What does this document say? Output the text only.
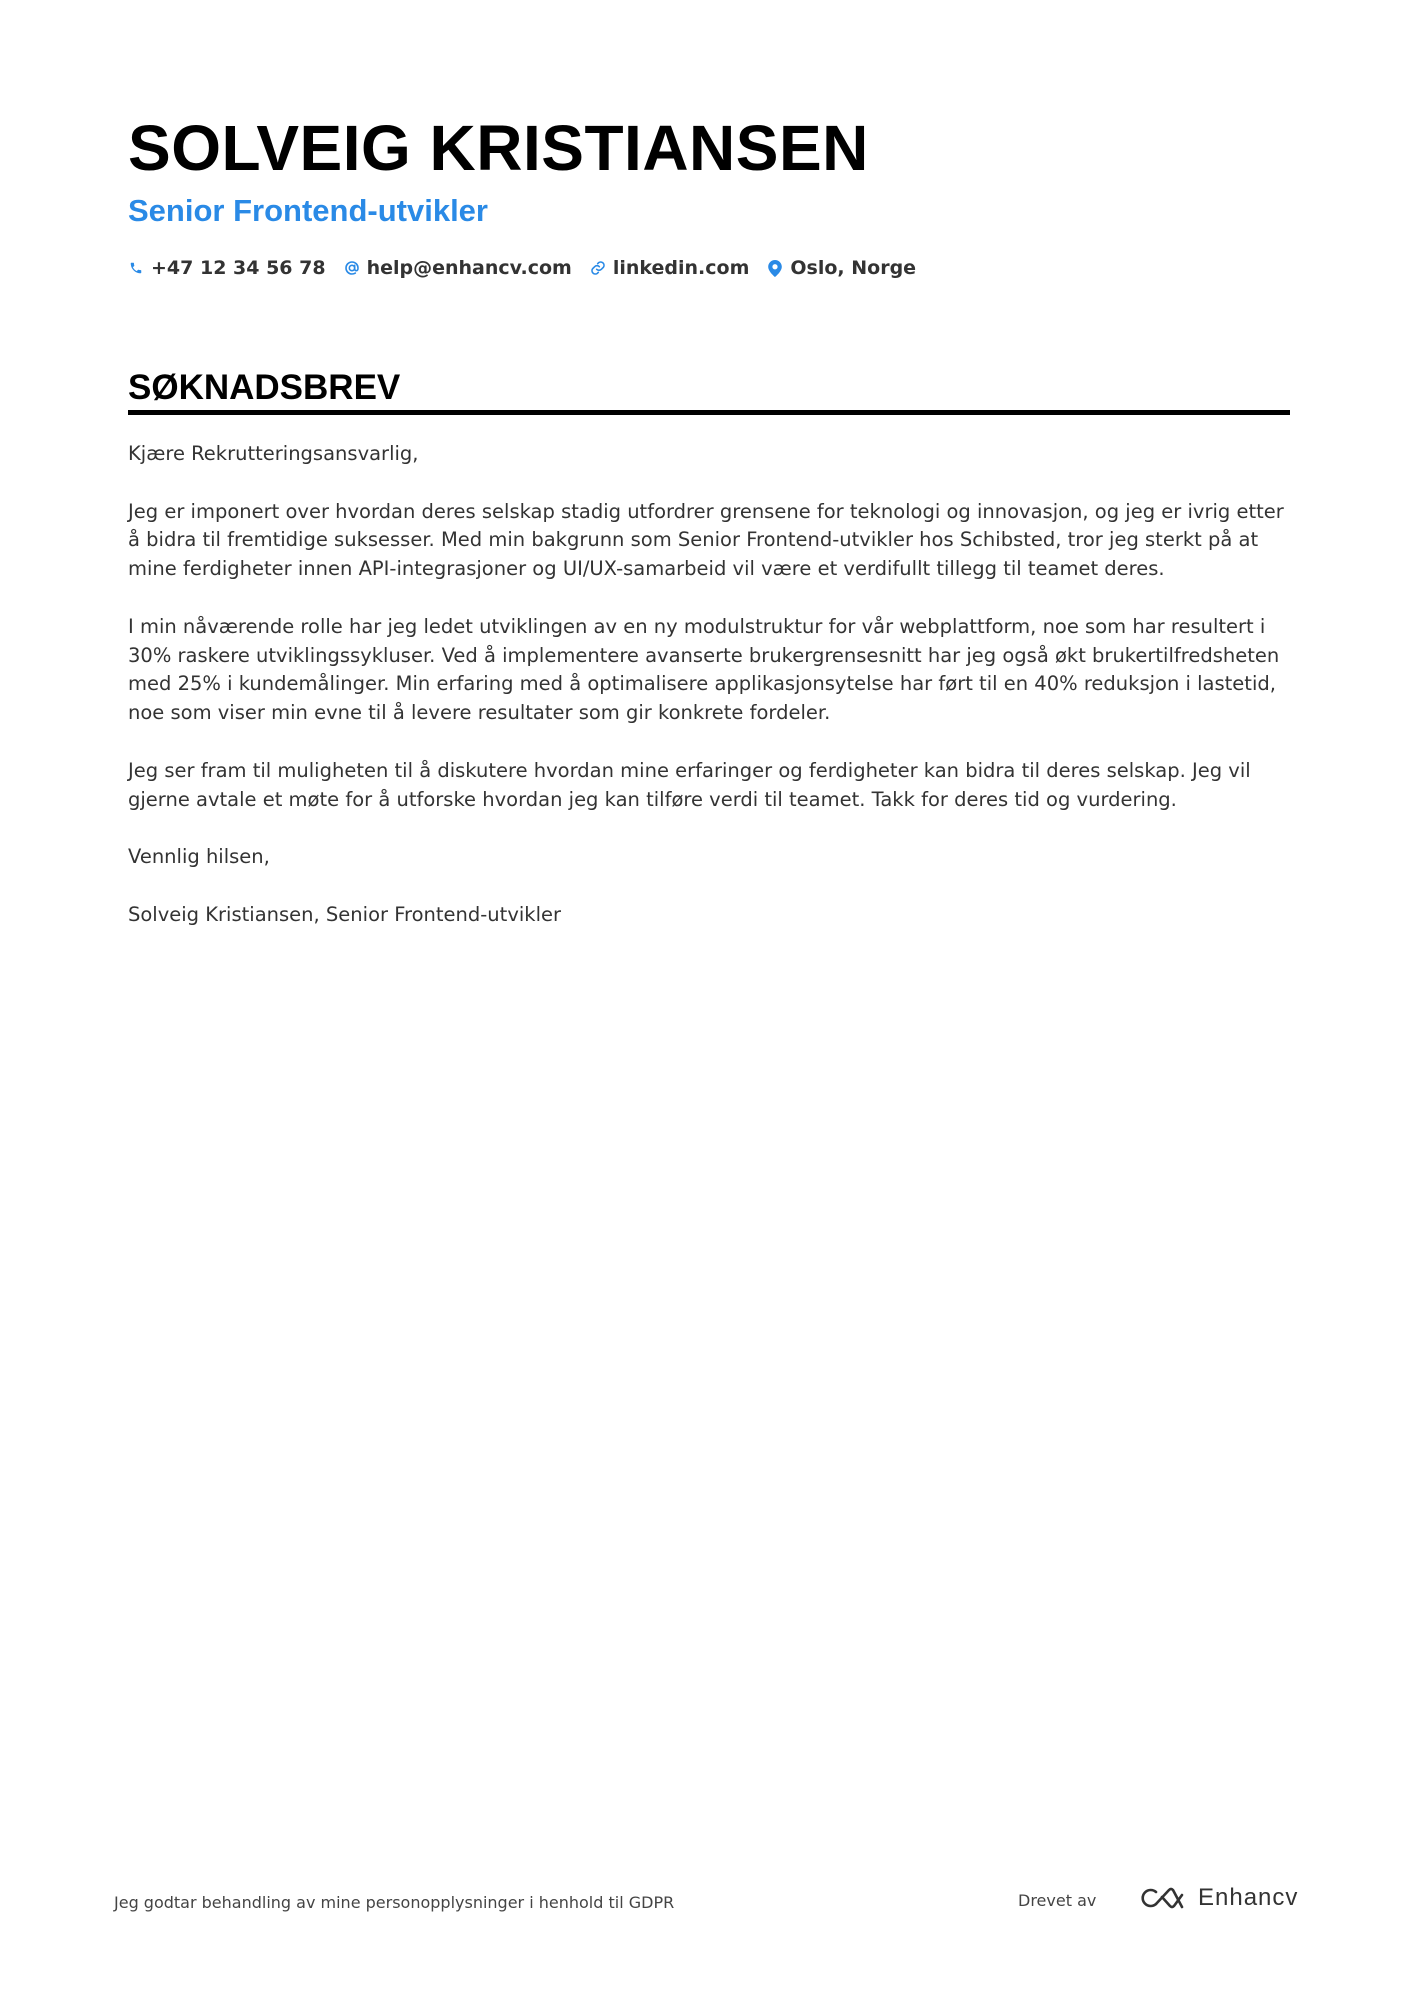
SOLVEIG KRISTIANSEN
Senior Frontend-utvikler
+47 12 34 56 78 help@enhancv.com linkedin.com Oslo, Norge
SØKNADSBREV

Kjære Rekrutteringsansvarlig,

Jeg er imponert over hvordan deres selskap stadig utfordrer grensene for teknologi og innovasjon, og jeg er ivrig etter å bidra til fremtidige suksesser. Med min bakgrunn som Senior Frontend-utvikler hos Schibsted, tror jeg sterkt på at mine ferdigheter innen API-integrasjoner og UI/UX-samarbeid vil være et verdifullt tillegg til teamet deres.

I min nåværende rolle har jeg ledet utviklingen av en ny modulstruktur for vår webplattform, noe som har resultert i 30% raskere utviklingssykluser. Ved å implementere avanserte brukergrensesnitt har jeg også økt brukertilfredsheten med 25% i kundemålinger. Min erfaring med å optimalisere applikasjonsytelse har ført til en 40% reduksjon i lastetid, noe som viser min evne til å levere resultater som gir konkrete fordeler.

Jeg ser fram til muligheten til å diskutere hvordan mine erfaringer og ferdigheter kan bidra til deres selskap. Jeg vil gjerne avtale et møte for å utforske hvordan jeg kan tilføre verdi til teamet. Takk for deres tid og vurdering.

Vennlig hilsen,

Solveig Kristiansen, Senior Frontend-utvikler

Jeg godtar behandling av mine personopplysninger i henhold til GDPR	Drevet av	Enhancv
